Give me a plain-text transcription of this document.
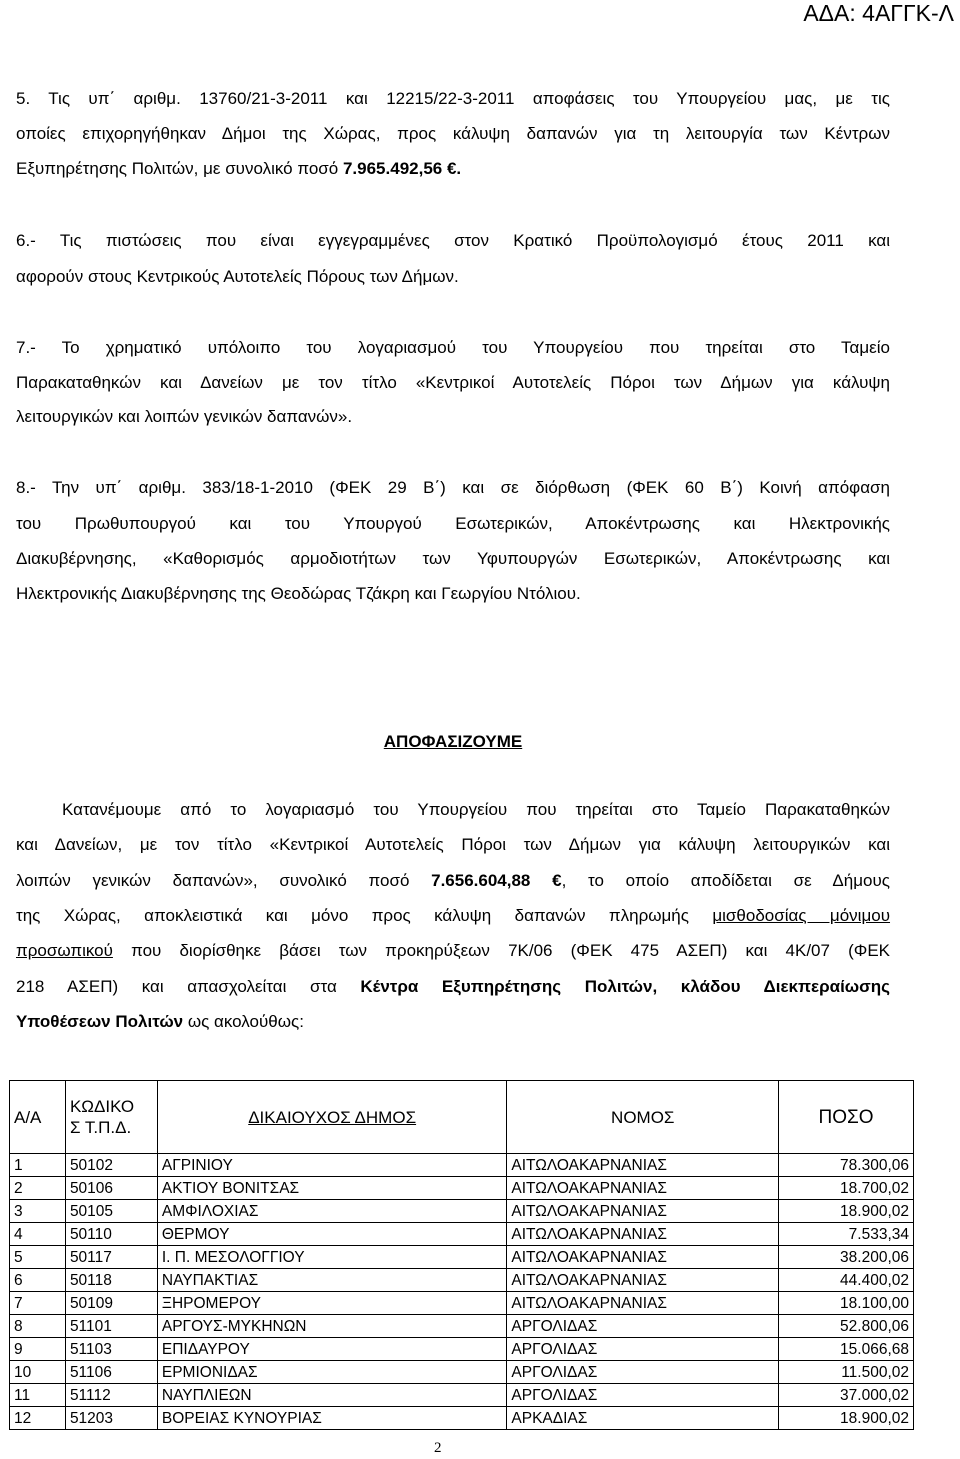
ΑΔΑ: 4ΑΓΓΚ-Λ
5. Τις υπ΄ αριθμ. 13760/21-3-2011 και 12215/22-3-2011 αποφάσεις του Υπουργείου μας, με τις
οποίες επιχορηγήθηκαν Δήμοι της Χώρας, προς κάλυψη δαπανών για τη λειτουργία των Κέντρων
Εξυπηρέτησης Πολιτών, με συνολικό ποσό 7.965.492,56 €.
6.- Τις πιστώσεις που είναι εγγεγραμμένες στον Κρατικό Προϋπολογισμό έτους 2011 και
αφορούν στους Κεντρικούς Αυτοτελείς Πόρους των Δήμων.
7.- Το χρηματικό υπόλοιπο του λογαριασμού του Υπουργείου που τηρείται στο Ταμείο
Παρακαταθηκών και Δανείων με τον τίτλο «Κεντρικοί Αυτοτελείς Πόροι των Δήμων για κάλυψη
λειτουργικών και λοιπών γενικών δαπανών».
8.- Την υπ΄ αριθμ. 383/18-1-2010 (ΦΕΚ 29 Β΄) και σε διόρθωση (ΦΕΚ 60 Β΄) Κοινή απόφαση
του Πρωθυπουργού και του Υπουργού Εσωτερικών, Αποκέντρωσης και Ηλεκτρονικής
Διακυβέρνησης, «Καθορισμός αρμοδιοτήτων των Υφυπουργών Εσωτερικών, Αποκέντρωσης και
Ηλεκτρονικής Διακυβέρνησης της Θεοδώρας Τζάκρη και Γεωργίου Ντόλιου.
ΑΠΟΦΑΣΙΖΟΥΜΕ
Κατανέμουμε από το λογαριασμό του Υπουργείου που τηρείται στο Ταμείο Παρακαταθηκών
και Δανείων, με τον τίτλο «Κεντρικοί Αυτοτελείς Πόροι των Δήμων για κάλυψη λειτουργικών και
λοιπών γενικών δαπανών», συνολικό ποσό 7.656.604,88 €, το οποίο αποδίδεται σε Δήμους
της Χώρας, αποκλειστικά και μόνο προς κάλυψη δαπανών πληρωμής μισθοδοσίας μόνιμου
προσωπικού που διορίσθηκε βάσει των προκηρύξεων 7Κ/06 (ΦΕΚ 475 ΑΣΕΠ) και 4Κ/07 (ΦΕΚ
218 ΑΣΕΠ) και απασχολείται στα Κέντρα Εξυπηρέτησης Πολιτών, κλάδου Διεκπεραίωσης
Υποθέσεων Πολιτών ως ακολούθως:
Α/Α	ΚΩΔΙΚΟ
Σ Τ.Π.Δ.	ΔΙΚΑΙΟΥΧΟΣ ΔΗΜΟΣ	ΝΟΜΟΣ	ΠΟΣΟ
1	50102	ΑΓΡΙΝΙΟΥ	ΑΙΤΩΛΟΑΚΑΡΝΑΝΙΑΣ	78.300,06
2	50106	ΑΚΤΙΟΥ ΒΟΝΙΤΣΑΣ	ΑΙΤΩΛΟΑΚΑΡΝΑΝΙΑΣ	18.700,02
3	50105	ΑΜΦΙΛΟΧΙΑΣ	ΑΙΤΩΛΟΑΚΑΡΝΑΝΙΑΣ	18.900,02
4	50110	ΘΕΡΜΟΥ	ΑΙΤΩΛΟΑΚΑΡΝΑΝΙΑΣ	7.533,34
5	50117	Ι. Π. ΜΕΣΟΛΟΓΓΙΟΥ	ΑΙΤΩΛΟΑΚΑΡΝΑΝΙΑΣ	38.200,06
6	50118	ΝΑΥΠΑΚΤΙΑΣ	ΑΙΤΩΛΟΑΚΑΡΝΑΝΙΑΣ	44.400,02
7	50109	ΞΗΡΟΜΕΡΟΥ	ΑΙΤΩΛΟΑΚΑΡΝΑΝΙΑΣ	18.100,00
8	51101	ΑΡΓΟΥΣ-ΜΥΚΗΝΩΝ	ΑΡΓΟΛΙΔΑΣ	52.800,06
9	51103	ΕΠΙΔΑΥΡΟΥ	ΑΡΓΟΛΙΔΑΣ	15.066,68
10	51106	ΕΡΜΙΟΝΙΔΑΣ	ΑΡΓΟΛΙΔΑΣ	11.500,02
11	51112	ΝΑΥΠΛΙΕΩΝ	ΑΡΓΟΛΙΔΑΣ	37.000,02
12	51203	ΒΟΡΕΙΑΣ ΚΥΝΟΥΡΙΑΣ	ΑΡΚΑΔΙΑΣ	18.900,02
2
